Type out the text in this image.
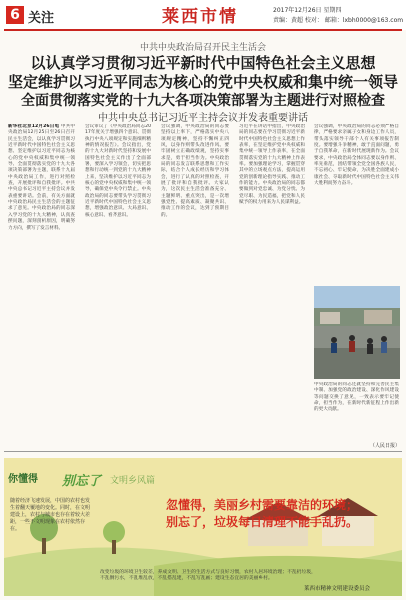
6 关注	莱西市情	2017年12月26日 星期四
责编：黄超 校对： 邮箱：lxbh0000@163.com
中共中央政治局召开民主生活会
以认真学习贯彻习近平新时代中国特色社会主义思想
坚定维护以习近平同志为核心的党中央权威和集中统一领导
全面贯彻落实党的十九大各项决策部署为主题进行对照检查
中共中央总书记习近平主持会议并发表重要讲话
新华社北京12月26日电 中共中央政治局12月25日至26日召开民主生活会，以认真学习贯彻习近平新时代中国特色社会主义思想、坚定维护以习近平同志为核心的党中央权威和集中统一领导、全面贯彻落实党的十九大各项决策部署为主题，联系十九届中央政治局工作，进行对照检查，开展批评和自我批评。中共中央总书记习近平主持会议并发表重要讲话。会前，有关方面就中央政治局民主生活会的主题征求了意见。中央政治局的同志深入学习党的十九大精神，认真查摆问题，深刻剖析原因，明确努力方向，撰写了发言材料。
会议审议了《中央政治局同志2017年度关于增强四个意识、贯彻执行中央八项规定和实施细则精神的情况报告》。会议指出，党的十九大对新时代坚持和发展中国特色社会主义作出了全面部署，要深入学习领会，切实把思想和行动统一到党的十九大精神上来，坚决维护以习近平同志为核心的党中央权威和集中统一领导，确保党中央令行禁止。中央政治局的同志要带头学习贯彻习近平新时代中国特色社会主义思想，增强政治意识、大局意识、核心意识、看齐意识。
会议强调，中央政治局的同志要坚持以上率下，严格落实中央八项规定精神，坚持不懈纠正四风，以身作则带头改进作风。要牢固树立正确政绩观，坚持实事求是，勇于担当作为。中央政治局的同志发言联系思想和工作实际，结合个人成长经历和学习体会，进行了认真的对照检查，开展了批评和自我批评。大家认为，这次民主生活会准备充分、主题鲜明、重点突出，是一次增强党性、提高素质、凝聚共识、推动工作的会议，达到了预期目的。
习近平在讲话中指出，中央政治局的同志要在学习贯彻习近平新时代中国特色社会主义思想上作表率，在坚定维护党中央权威和集中统一领导上作表率，在全面贯彻落实党的十九大精神上作表率。要加强理论学习，掌握贯穿其中的立场观点方法，提高运用党的创新理论指导实践、推动工作的能力。中央政治局的同志都要做到对党忠诚、为党分忧、为党尽职、为民造福，把党和人民赋予的权力用来为人民谋利益。
会议强调，中央政治局的同志必须严格自律，严格要求亲属子女和身边工作人员，带头落实领导干部个人有关事项报告制度。要增强斗争精神，敢于直面问题，勇于自我革命，在新时代展现新作为。会议要求，中央政治局全体同志要以身作则、率先垂范，团结带领全党全国各族人民，不忘初心、牢记使命，为决胜全面建成小康社会、夺取新时代中国特色社会主义伟大胜利而努力奋斗。
中央政治局的同志还就坚持和完善民主集中制、加强党的政治建设、深化作风建设等问题交换了意见，一致表示要牢记使命，担当作为，在新时代新征程上作出新的更大贡献。
（人民日报）
你懂得 别忘了 文明乡风篇
随着经济飞速发展，中国的农村也发生着翻天覆地的变化。同时，在文明建设上，农村与城市也存在着较大差距，一些不文明现象在农村依然存在。
忽懂得，美丽乡村需要靠洁的环境；
别忘了，垃圾每日清理不能手乱扔。
改变垃圾的环境卫生较差，养成文明、卫生的生活方式与良好习惯，农村人居环境治理；不乱扔垃圾，不乱倒污水，不乱堆乱放，不乱搭乱建，不乱写乱画；建设生态宜居的美丽乡村。
莱西市精神文明建设委员会
